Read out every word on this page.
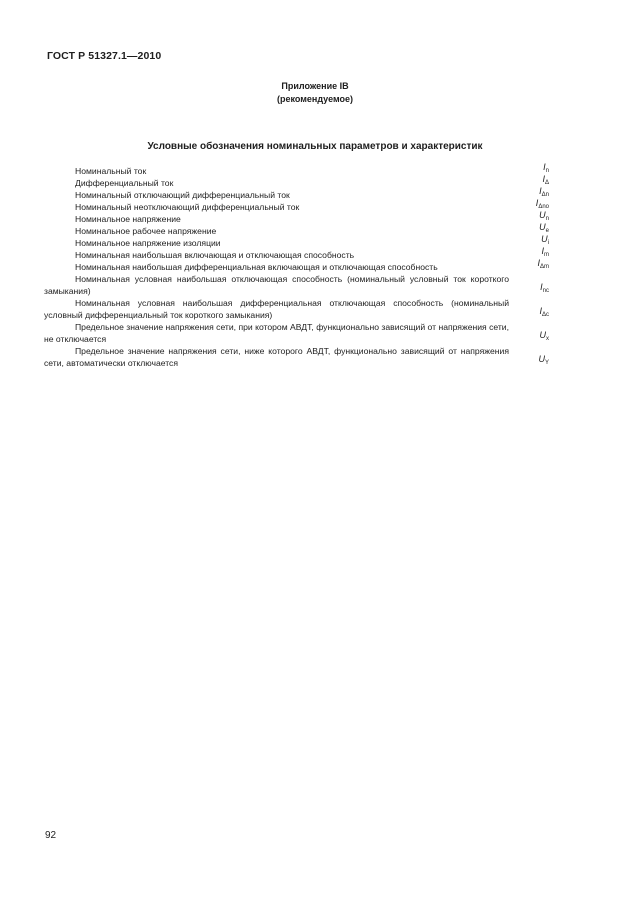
ГОСТ Р 51327.1—2010
Приложение IB
(рекомендуемое)
Условные обозначения номинальных параметров и характеристик
Номинальный ток	$I_n$
Дифференциальный ток	$I_\Delta$
Номинальный отключающий дифференциальный ток	$I_{\Delta n}$
Номинальный неотключающий дифференциальный ток	$I_{\Delta no}$
Номинальное напряжение	$U_n$
Номинальное рабочее напряжение	$U_e$
Номинальное напряжение изоляции	$U_i$
Номинальная наибольшая включающая и отключающая способность	$I_m$
Номинальная наибольшая дифференциальная включающая и отключающая способность	$I_{\Delta m}$
Номинальная условная наибольшая отключающая способность (номинальный условный ток короткого замыкания)	$I_{nc}$
Номинальная условная наибольшая дифференциальная отключающая способность (номинальный условный дифференциальный ток короткого замыкания)	$I_{\Delta c}$
Предельное значение напряжения сети, при котором АВДТ, функционально зависящий от напряжения сети, не отключается	$U_x$
Предельное значение напряжения сети, ниже которого АВДТ, функционально зависящий от напряжения сети, автоматически отключается	$U_Y$
92
